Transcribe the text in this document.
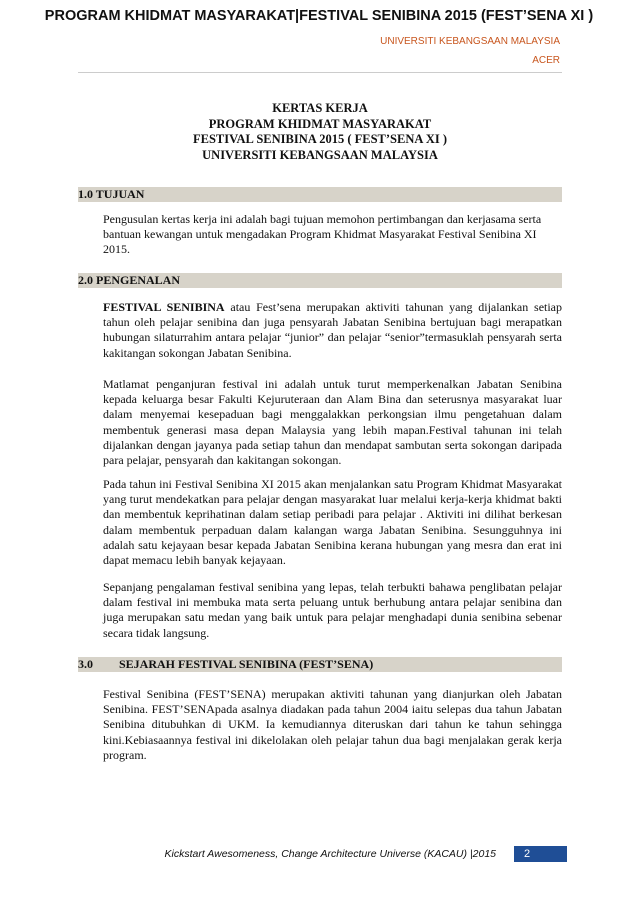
PROGRAM KHIDMAT MASYARAKAT|FESTIVAL SENIBINA 2015 (FEST’SENA XI )
UNIVERSITI KEBANGSAAN MALAYSIA
ACER
KERTAS KERJA
PROGRAM KHIDMAT MASYARAKAT
FESTIVAL SENIBINA 2015 ( FEST’SENA XI )
UNIVERSITI KEBANGSAAN MALAYSIA
1.0 TUJUAN

Pengusulan kertas kerja ini adalah bagi tujuan memohon pertimbangan dan kerjasama serta bantuan kewangan untuk mengadakan Program Khidmat Masyarakat Festival Senibina XI 2015.

2.0 PENGENALAN

FESTIVAL SENIBINA atau Fest’sena merupakan aktiviti tahunan yang dijalankan setiap tahun oleh pelajar senibina dan juga pensyarah Jabatan Senibina bertujuan bagi merapatkan hubungan silaturrahim antara pelajar “junior” dan pelajar “senior”termasuklah pensyarah serta kakitangan sokongan Jabatan Senibina.

Matlamat penganjuran festival ini adalah untuk turut memperkenalkan Jabatan Senibina kepada keluarga besar Fakulti Kejuruteraan dan Alam Bina dan seterusnya masyarakat luar dalam menyemai kesepaduan bagi menggalakkan perkongsian ilmu pengetahuan dalam membentuk generasi masa depan Malaysia yang lebih mapan.Festival tahunan ini telah dijalankan dengan jayanya pada setiap tahun dan mendapat sambutan serta sokongan daripada para pelajar, pensyarah dan kakitangan sokongan.

Pada tahun ini Festival Senibina XI 2015 akan menjalankan satu Program Khidmat Masyarakat yang turut mendekatkan para pelajar dengan masyarakat luar melalui kerja-kerja khidmat bakti dan membentuk keprihatinan dalam setiap peribadi para pelajar . Aktiviti ini dilihat berkesan dalam membentuk perpaduan dalam kalangan warga Jabatan Senibina. Sesungguhnya ini adalah satu kejayaan besar kepada Jabatan Senibina kerana hubungan yang mesra dan erat ini dapat memacu lebih banyak kejayaan.

Sepanjang pengalaman festival senibina yang lepas, telah terbukti bahawa penglibatan pelajar dalam festival ini membuka mata serta peluang untuk berhubung antara pelajar senibina dan juga merupakan satu medan yang baik untuk para pelajar menghadapi dunia senibina sebenar secara tidak langsung.

3.0 SEJARAH FESTIVAL SENIBINA (FEST’SENA)

Festival Senibina (FEST’SENA) merupakan aktiviti tahunan yang dianjurkan oleh Jabatan Senibina. FEST’SENApada asalnya diadakan pada tahun 2004 iaitu selepas dua tahun Jabatan Senibina ditubuhkan di UKM. Ia kemudiannya diteruskan dari tahun ke tahun sehingga kini.Kebiasaannya festival ini dikelolakan oleh pelajar tahun dua bagi menjalakan gerak kerja program.

Kickstart Awesomeness, Change Architecture Universe (KACAU) |2015	2
